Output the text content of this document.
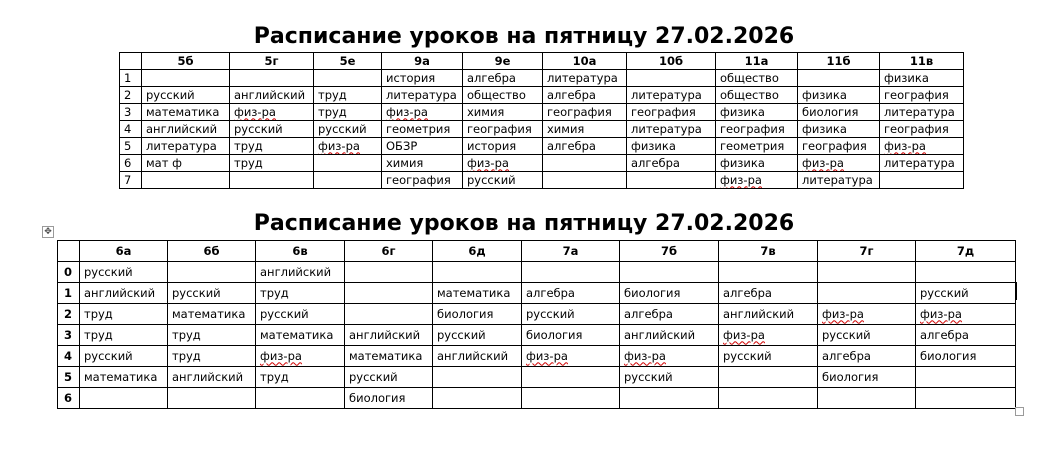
Расписание уроков на пятницу 27.02.2026
	5б	5г	5е	9а	9е	10а	10б	11а	11б	11в
1				история	алгебра	литература		общество		физика
2	русский	английский	труд	литература	общество	алгебра	литература	общество	физика	география
3	математика	физ-ра	труд	физ-ра	химия	география	география	физика	биология	литература
4	английский	русский	русский	геометрия	география	химия	литература	география	физика	география
5	литература	труд	физ-ра	ОБЗР	история	алгебра	физика	геометрия	география	физ-ра
6	мат ф	труд		химия	физ-ра		алгебра	физика	физ-ра	литература
7				география	русский			физ-ра	литература	
✥	Расписание уроков на пятницу 27.02.2026
	6а	6б	6в	6г	6д	7а	7б	7в	7г	7д
0	русский		английский							
1	английский	русский	труд		математика	алгебра	биология	алгебра		русский
2	труд	математика	русский		биология	русский	алгебра	английский	физ-ра	физ-ра
3	труд	труд	математика	английский	русский	биология	английский	физ-ра	русский	алгебра
4	русский	труд	физ-ра	математика	английский	физ-ра	физ-ра	русский	алгебра	биология
5	математика	английский	труд	русский			русский		биология	
6				биология						
